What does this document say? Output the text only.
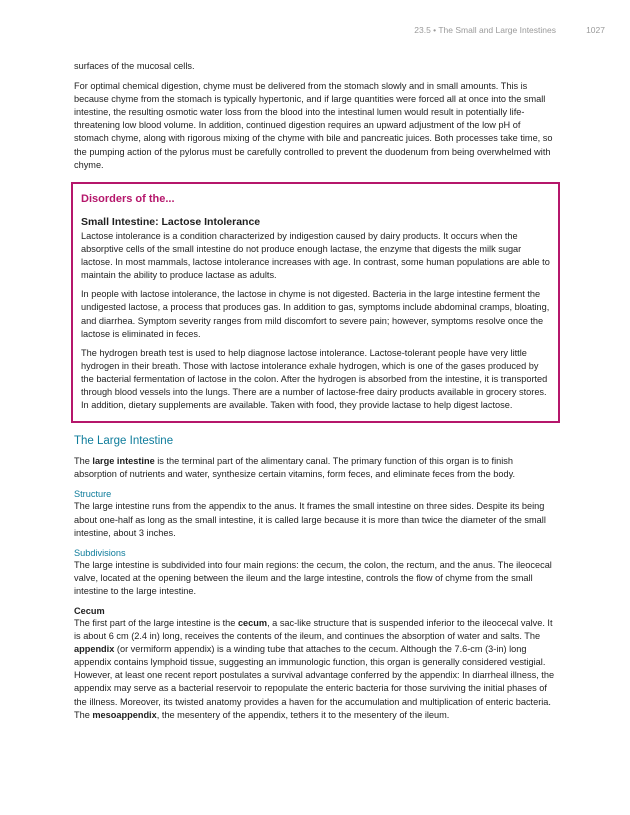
23.5 • The Small and Large Intestines	1027

surfaces of the mucosal cells.

For optimal chemical digestion, chyme must be delivered from the stomach slowly and in small amounts. This is because chyme from the stomach is typically hypertonic, and if large quantities were forced all at once into the small intestine, the resulting osmotic water loss from the blood into the intestinal lumen would result in potentially life-threatening low blood volume. In addition, continued digestion requires an upward adjustment of the low pH of stomach chyme, along with rigorous mixing of the chyme with bile and pancreatic juices. Both processes take time, so the pumping action of the pylorus must be carefully controlled to prevent the duodenum from being overwhelmed with chyme.

Disorders of the...
Small Intestine: Lactose Intolerance

Lactose intolerance is a condition characterized by indigestion caused by dairy products. It occurs when the absorptive cells of the small intestine do not produce enough lactase, the enzyme that digests the milk sugar lactose. In most mammals, lactose intolerance increases with age. In contrast, some human populations are able to maintain the ability to produce lactase as adults.

In people with lactose intolerance, the lactose in chyme is not digested. Bacteria in the large intestine ferment the undigested lactose, a process that produces gas. In addition to gas, symptoms include abdominal cramps, bloating, and diarrhea. Symptom severity ranges from mild discomfort to severe pain; however, symptoms resolve once the lactose is eliminated in feces.

The hydrogen breath test is used to help diagnose lactose intolerance. Lactose-tolerant people have very little hydrogen in their breath. Those with lactose intolerance exhale hydrogen, which is one of the gases produced by the bacterial fermentation of lactose in the colon. After the hydrogen is absorbed from the intestine, it is transported through blood vessels into the lungs. There are a number of lactose-free dairy products available in grocery stores. In addition, dietary supplements are available. Taken with food, they provide lactase to help digest lactose.

The Large Intestine

The large intestine is the terminal part of the alimentary canal. The primary function of this organ is to finish absorption of nutrients and water, synthesize certain vitamins, form feces, and eliminate feces from the body.

Structure

The large intestine runs from the appendix to the anus. It frames the small intestine on three sides. Despite its being about one-half as long as the small intestine, it is called large because it is more than twice the diameter of the small intestine, about 3 inches.

Subdivisions

The large intestine is subdivided into four main regions: the cecum, the colon, the rectum, and the anus. The ileocecal valve, located at the opening between the ileum and the large intestine, controls the flow of chyme from the small intestine to the large intestine.

Cecum

The first part of the large intestine is the cecum, a sac-like structure that is suspended inferior to the ileocecal valve. It is about 6 cm (2.4 in) long, receives the contents of the ileum, and continues the absorption of water and salts. The appendix (or vermiform appendix) is a winding tube that attaches to the cecum. Although the 7.6-cm (3-in) long appendix contains lymphoid tissue, suggesting an immunologic function, this organ is generally considered vestigial. However, at least one recent report postulates a survival advantage conferred by the appendix: In diarrheal illness, the appendix may serve as a bacterial reservoir to repopulate the enteric bacteria for those surviving the initial phases of the illness. Moreover, its twisted anatomy provides a haven for the accumulation and multiplication of enteric bacteria. The mesoappendix, the mesentery of the appendix, tethers it to the mesentery of the ileum.
